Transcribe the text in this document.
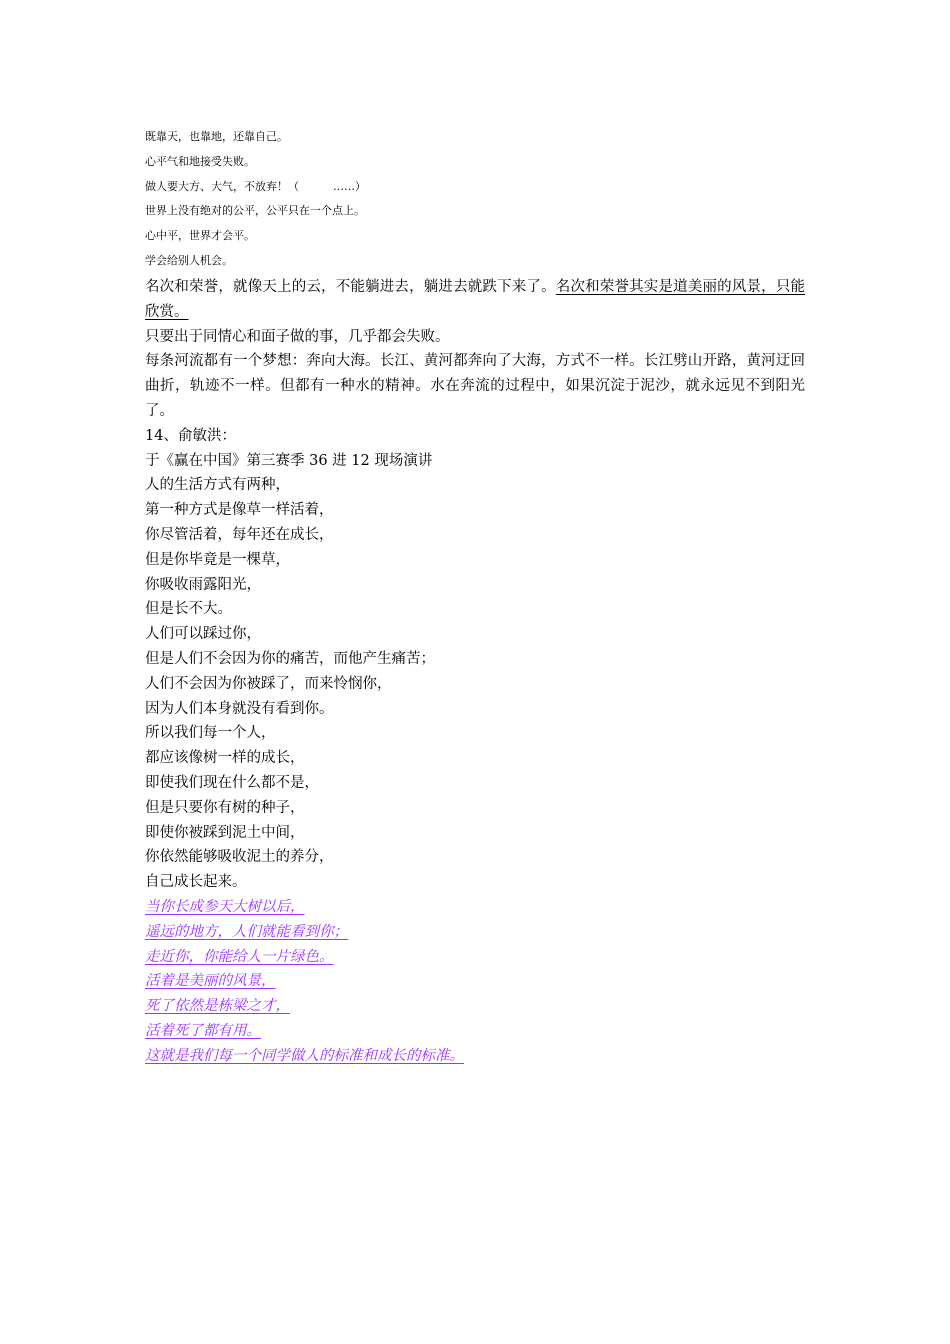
既靠天，也靠地，还靠自己。
心平气和地接受失败。
做人要大方、大气，不放弃！（	……）
世界上没有绝对的公平，公平只在一个点上。
心中平，世界才会平。
学会给别人机会。
名次和荣誉，就像天上的云，不能躺进去，躺进去就跌下来了。名次和荣誉其实是道美丽的风景，只能欣赏。
只要出于同情心和面子做的事，几乎都会失败。
每条河流都有一个梦想：奔向大海。长江、黄河都奔向了大海，方式不一样。长江劈山开路，黄河迂回曲折，轨迹不一样。但都有一种水的精神。水在奔流的过程中，如果沉淀于泥沙，就永远见不到阳光了。
14、俞敏洪：
于《赢在中国》第三赛季 36 进 12 现场演讲
人的生活方式有两种，
第一种方式是像草一样活着，
你尽管活着，每年还在成长，
但是你毕竟是一棵草，
你吸收雨露阳光，
但是长不大。
人们可以踩过你，
但是人们不会因为你的痛苦，而他产生痛苦；
人们不会因为你被踩了，而来怜悯你，
因为人们本身就没有看到你。
所以我们每一个人，
都应该像树一样的成长，
即使我们现在什么都不是，
但是只要你有树的种子，
即使你被踩到泥土中间，
你依然能够吸收泥土的养分，
自己成长起来。
当你长成参天大树以后，
遥远的地方，人们就能看到你；
走近你，你能给人一片绿色。
活着是美丽的风景，
死了依然是栋梁之才，
活着死了都有用。
这就是我们每一个同学做人的标准和成长的标准。
